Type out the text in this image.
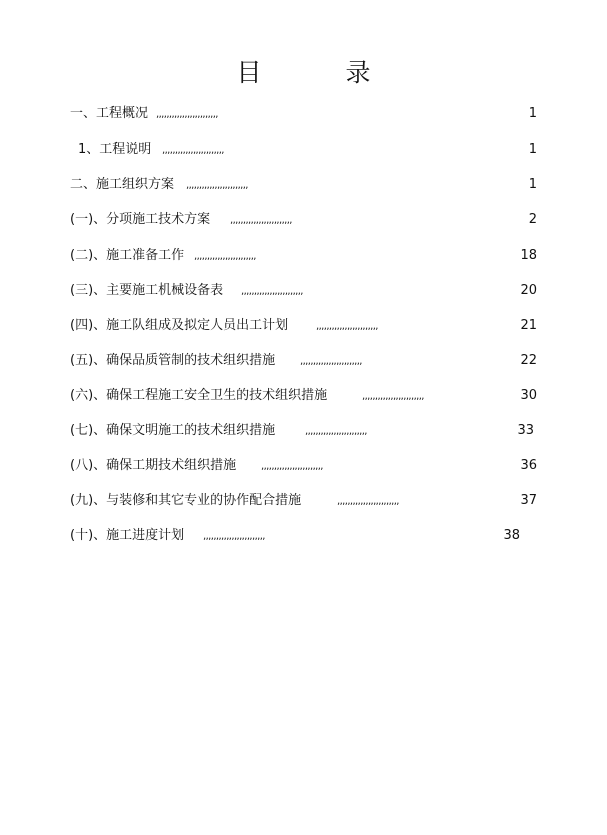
目 录
一、工程概况 ,,,,,,,,,,,,,,,,,,,,,,,,	1
1、工程说明 ,,,,,,,,,,,,,,,,,,,,,,,,	1
二、施工组织方案 ,,,,,,,,,,,,,,,,,,,,,,,,	1
(一)、分项施工技术方案 ,,,,,,,,,,,,,,,,,,,,,,,,	2
(二)、施工准备工作 ,,,,,,,,,,,,,,,,,,,,,,,,	18
(三)、主要施工机械设备表 ,,,,,,,,,,,,,,,,,,,,,,,,	20
(四)、施工队组成及拟定人员出工计划	,,,,,,,,,,,,,,,,,,,,,,,,	21
(五)、确保品质管制的技术组织措施 ,,,,,,,,,,,,,,,,,,,,,,,,	22
(六)、确保工程施工安全卫生的技术组织措施	,,,,,,,,,,,,,,,,,,,,,,,,	30
(七)、确保文明施工的技术组织措施	,,,,,,,,,,,,,,,,,,,,,,,,	33
(八)、确保工期技术组织措施 ,,,,,,,,,,,,,,,,,,,,,,,,	36
(九)、与装修和其它专业的协作配合措施	,,,,,,,,,,,,,,,,,,,,,,,,	37
(十)、施工进度计划 ,,,,,,,,,,,,,,,,,,,,,,,,	38
